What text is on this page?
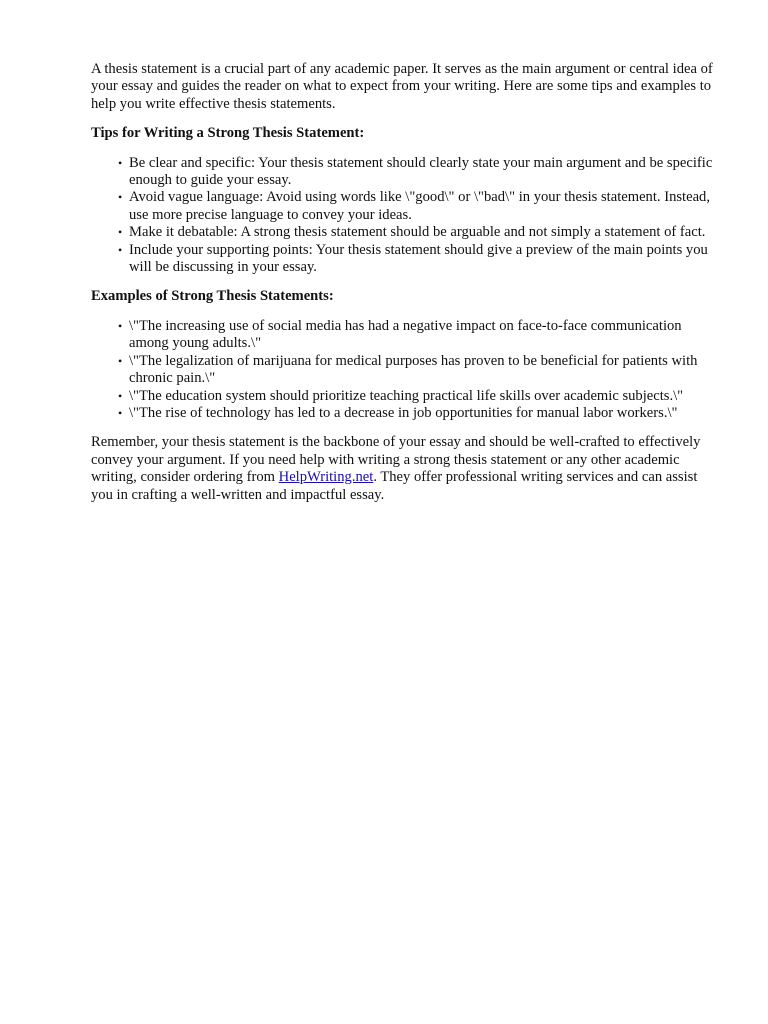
A thesis statement is a crucial part of any academic paper. It serves as the main argument or central idea of your essay and guides the reader on what to expect from your writing. Here are some tips and examples to help you write effective thesis statements.

Tips for Writing a Strong Thesis Statement:

• Be clear and specific: Your thesis statement should clearly state your main argument and be specific enough to guide your essay.
• Avoid vague language: Avoid using words like \"good\" or \"bad\" in your thesis statement. Instead, use more precise language to convey your ideas.
• Make it debatable: A strong thesis statement should be arguable and not simply a statement of fact.
• Include your supporting points: Your thesis statement should give a preview of the main points you will be discussing in your essay.

Examples of Strong Thesis Statements:

• \"The increasing use of social media has had a negative impact on face-to-face communication among young adults.\"
• \"The legalization of marijuana for medical purposes has proven to be beneficial for patients with chronic pain.\"
• \"The education system should prioritize teaching practical life skills over academic subjects.\"
• \"The rise of technology has led to a decrease in job opportunities for manual labor workers.\"

Remember, your thesis statement is the backbone of your essay and should be well-crafted to effectively convey your argument. If you need help with writing a strong thesis statement or any other academic writing, consider ordering from HelpWriting.net. They offer professional writing services and can assist you in crafting a well-written and impactful essay.
